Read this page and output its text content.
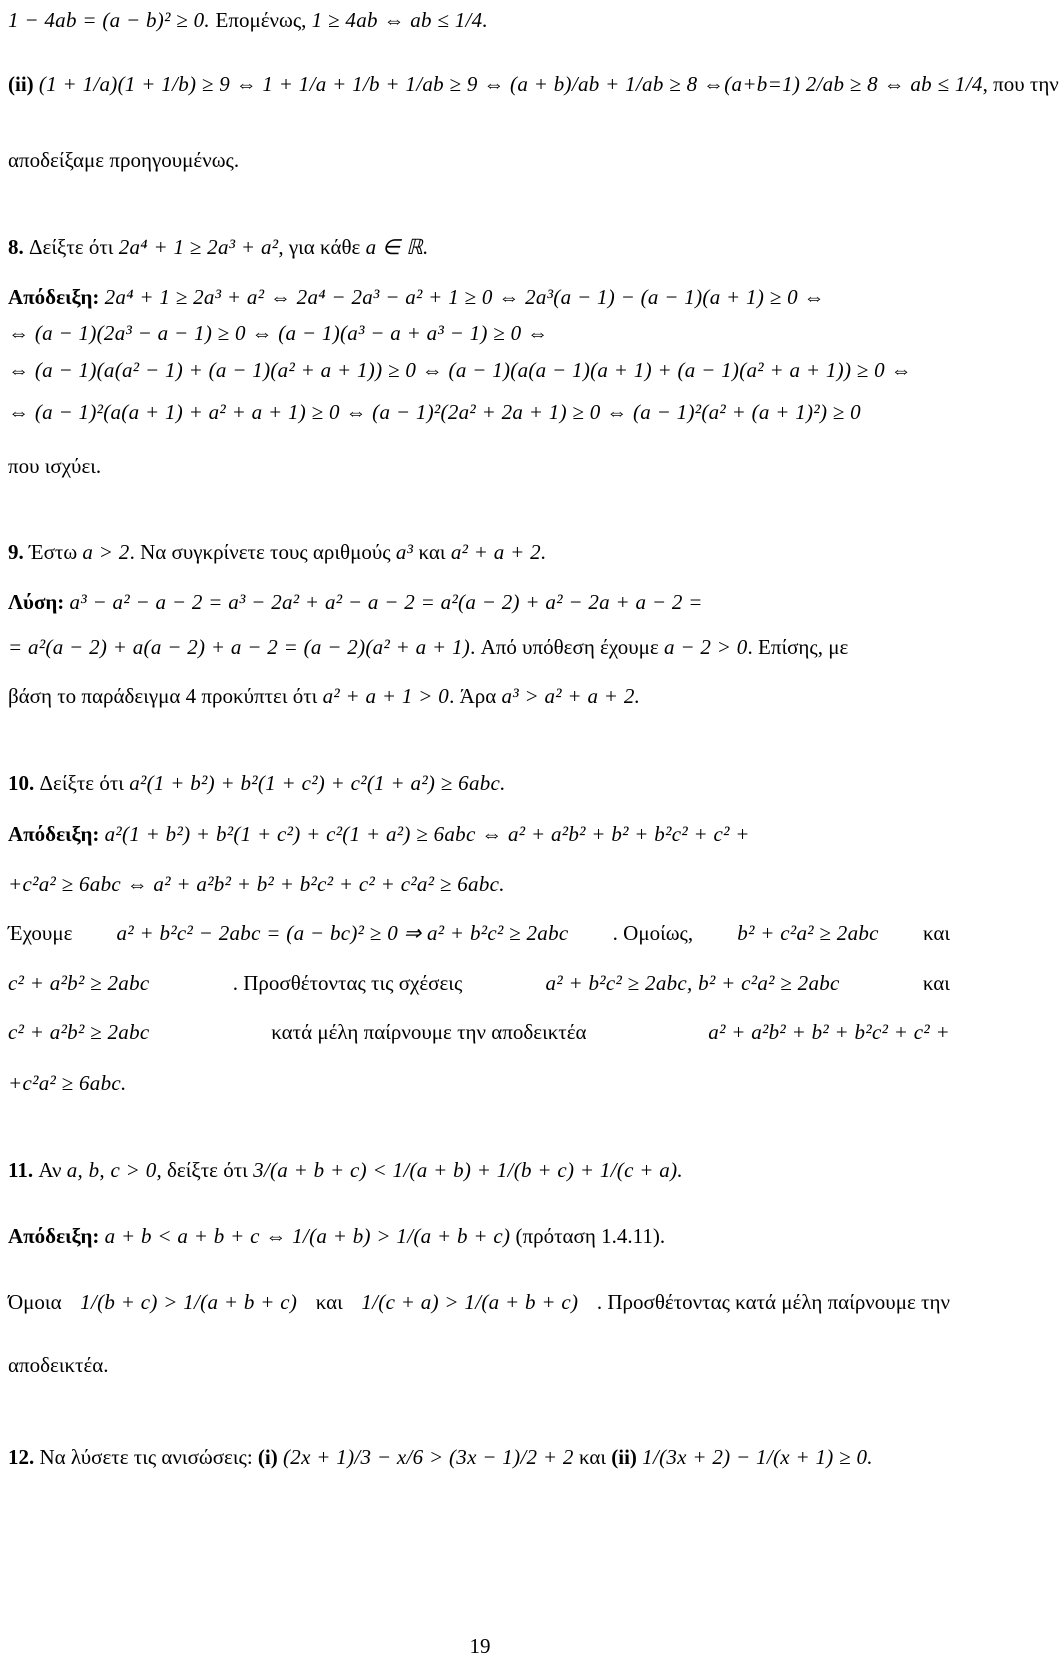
1 − 4ab = (a − b)² ≥ 0. Επομένως, 1 ≥ 4ab ⇔ ab ≤ 1/4.
(ii) (1 + 1/a)(1 + 1/b) ≥ 9 ⇔ 1 + 1/a + 1/b + 1/ab ≥ 9 ⇔ (a + b)/ab + 1/ab ≥ 8 ⇔(a+b=1) 2/ab ≥ 8 ⇔ ab ≤ 1/4, που την
αποδείξαμε προηγουμένως.
8. Δείξτε ότι 2a⁴ + 1 ≥ 2a³ + a², για κάθε a ∈ ℝ.
Απόδειξη: 2a⁴ + 1 ≥ 2a³ + a² ⇔ 2a⁴ − 2a³ − a² + 1 ≥ 0 ⇔ 2a³(a − 1) − (a − 1)(a + 1) ≥ 0 ⇔
⇔ (a − 1)(2a³ − a − 1) ≥ 0 ⇔ (a − 1)(a³ − a + a³ − 1) ≥ 0 ⇔
⇔ (a − 1)(a(a² − 1) + (a − 1)(a² + a + 1)) ≥ 0 ⇔ (a − 1)(a(a − 1)(a + 1) + (a − 1)(a² + a + 1)) ≥ 0 ⇔
⇔ (a − 1)²(a(a + 1) + a² + a + 1) ≥ 0 ⇔ (a − 1)²(2a² + 2a + 1) ≥ 0 ⇔ (a − 1)²(a² + (a + 1)²) ≥ 0
που ισχύει.
9. Έστω a > 2. Να συγκρίνετε τους αριθμούς a³ και a² + a + 2.
Λύση: a³ − a² − a − 2 = a³ − 2a² + a² − a − 2 = a²(a − 2) + a² − 2a + a − 2 =
= a²(a − 2) + a(a − 2) + a − 2 = (a − 2)(a² + a + 1). Από υπόθεση έχουμε a − 2 > 0. Επίσης, με
βάση το παράδειγμα 4 προκύπτει ότι a² + a + 1 > 0. Άρα a³ > a² + a + 2.
10. Δείξτε ότι a²(1 + b²) + b²(1 + c²) + c²(1 + a²) ≥ 6abc.
Απόδειξη: a²(1 + b²) + b²(1 + c²) + c²(1 + a²) ≥ 6abc ⇔ a² + a²b² + b² + b²c² + c² +
+c²a² ≥ 6abc ⇔ a² + a²b² + b² + b²c² + c² + c²a² ≥ 6abc.
Έχουμε a² + b²c² − 2abc = (a − bc)² ≥ 0 ⇒ a² + b²c² ≥ 2abc . Ομοίως, b² + c²a² ≥ 2abc και
c² + a²b² ≥ 2abc	. Προσθέτοντας τις σχέσεις	a² + b²c² ≥ 2abc, b² + c²a² ≥ 2abc	και
c² + a²b² ≥ 2abc	κατά μέλη παίρνουμε την αποδεικτέα	a² + a²b² + b² + b²c² + c² +
+c²a² ≥ 6abc.
11. Αν a, b, c > 0, δείξτε ότι 3/(a + b + c) < 1/(a + b) + 1/(b + c) + 1/(c + a).
Απόδειξη: a + b < a + b + c ⇔ 1/(a + b) > 1/(a + b + c) (πρόταση 1.4.11).
Όμοια 1/(b + c) > 1/(a + b + c) και 1/(c + a) > 1/(a + b + c) . Προσθέτοντας κατά μέλη παίρνουμε την
αποδεικτέα.
12. Να λύσετε τις ανισώσεις: (i) (2x + 1)/3 − x/6 > (3x − 1)/2 + 2 και (ii) 1/(3x + 2) − 1/(x + 1) ≥ 0.
19
